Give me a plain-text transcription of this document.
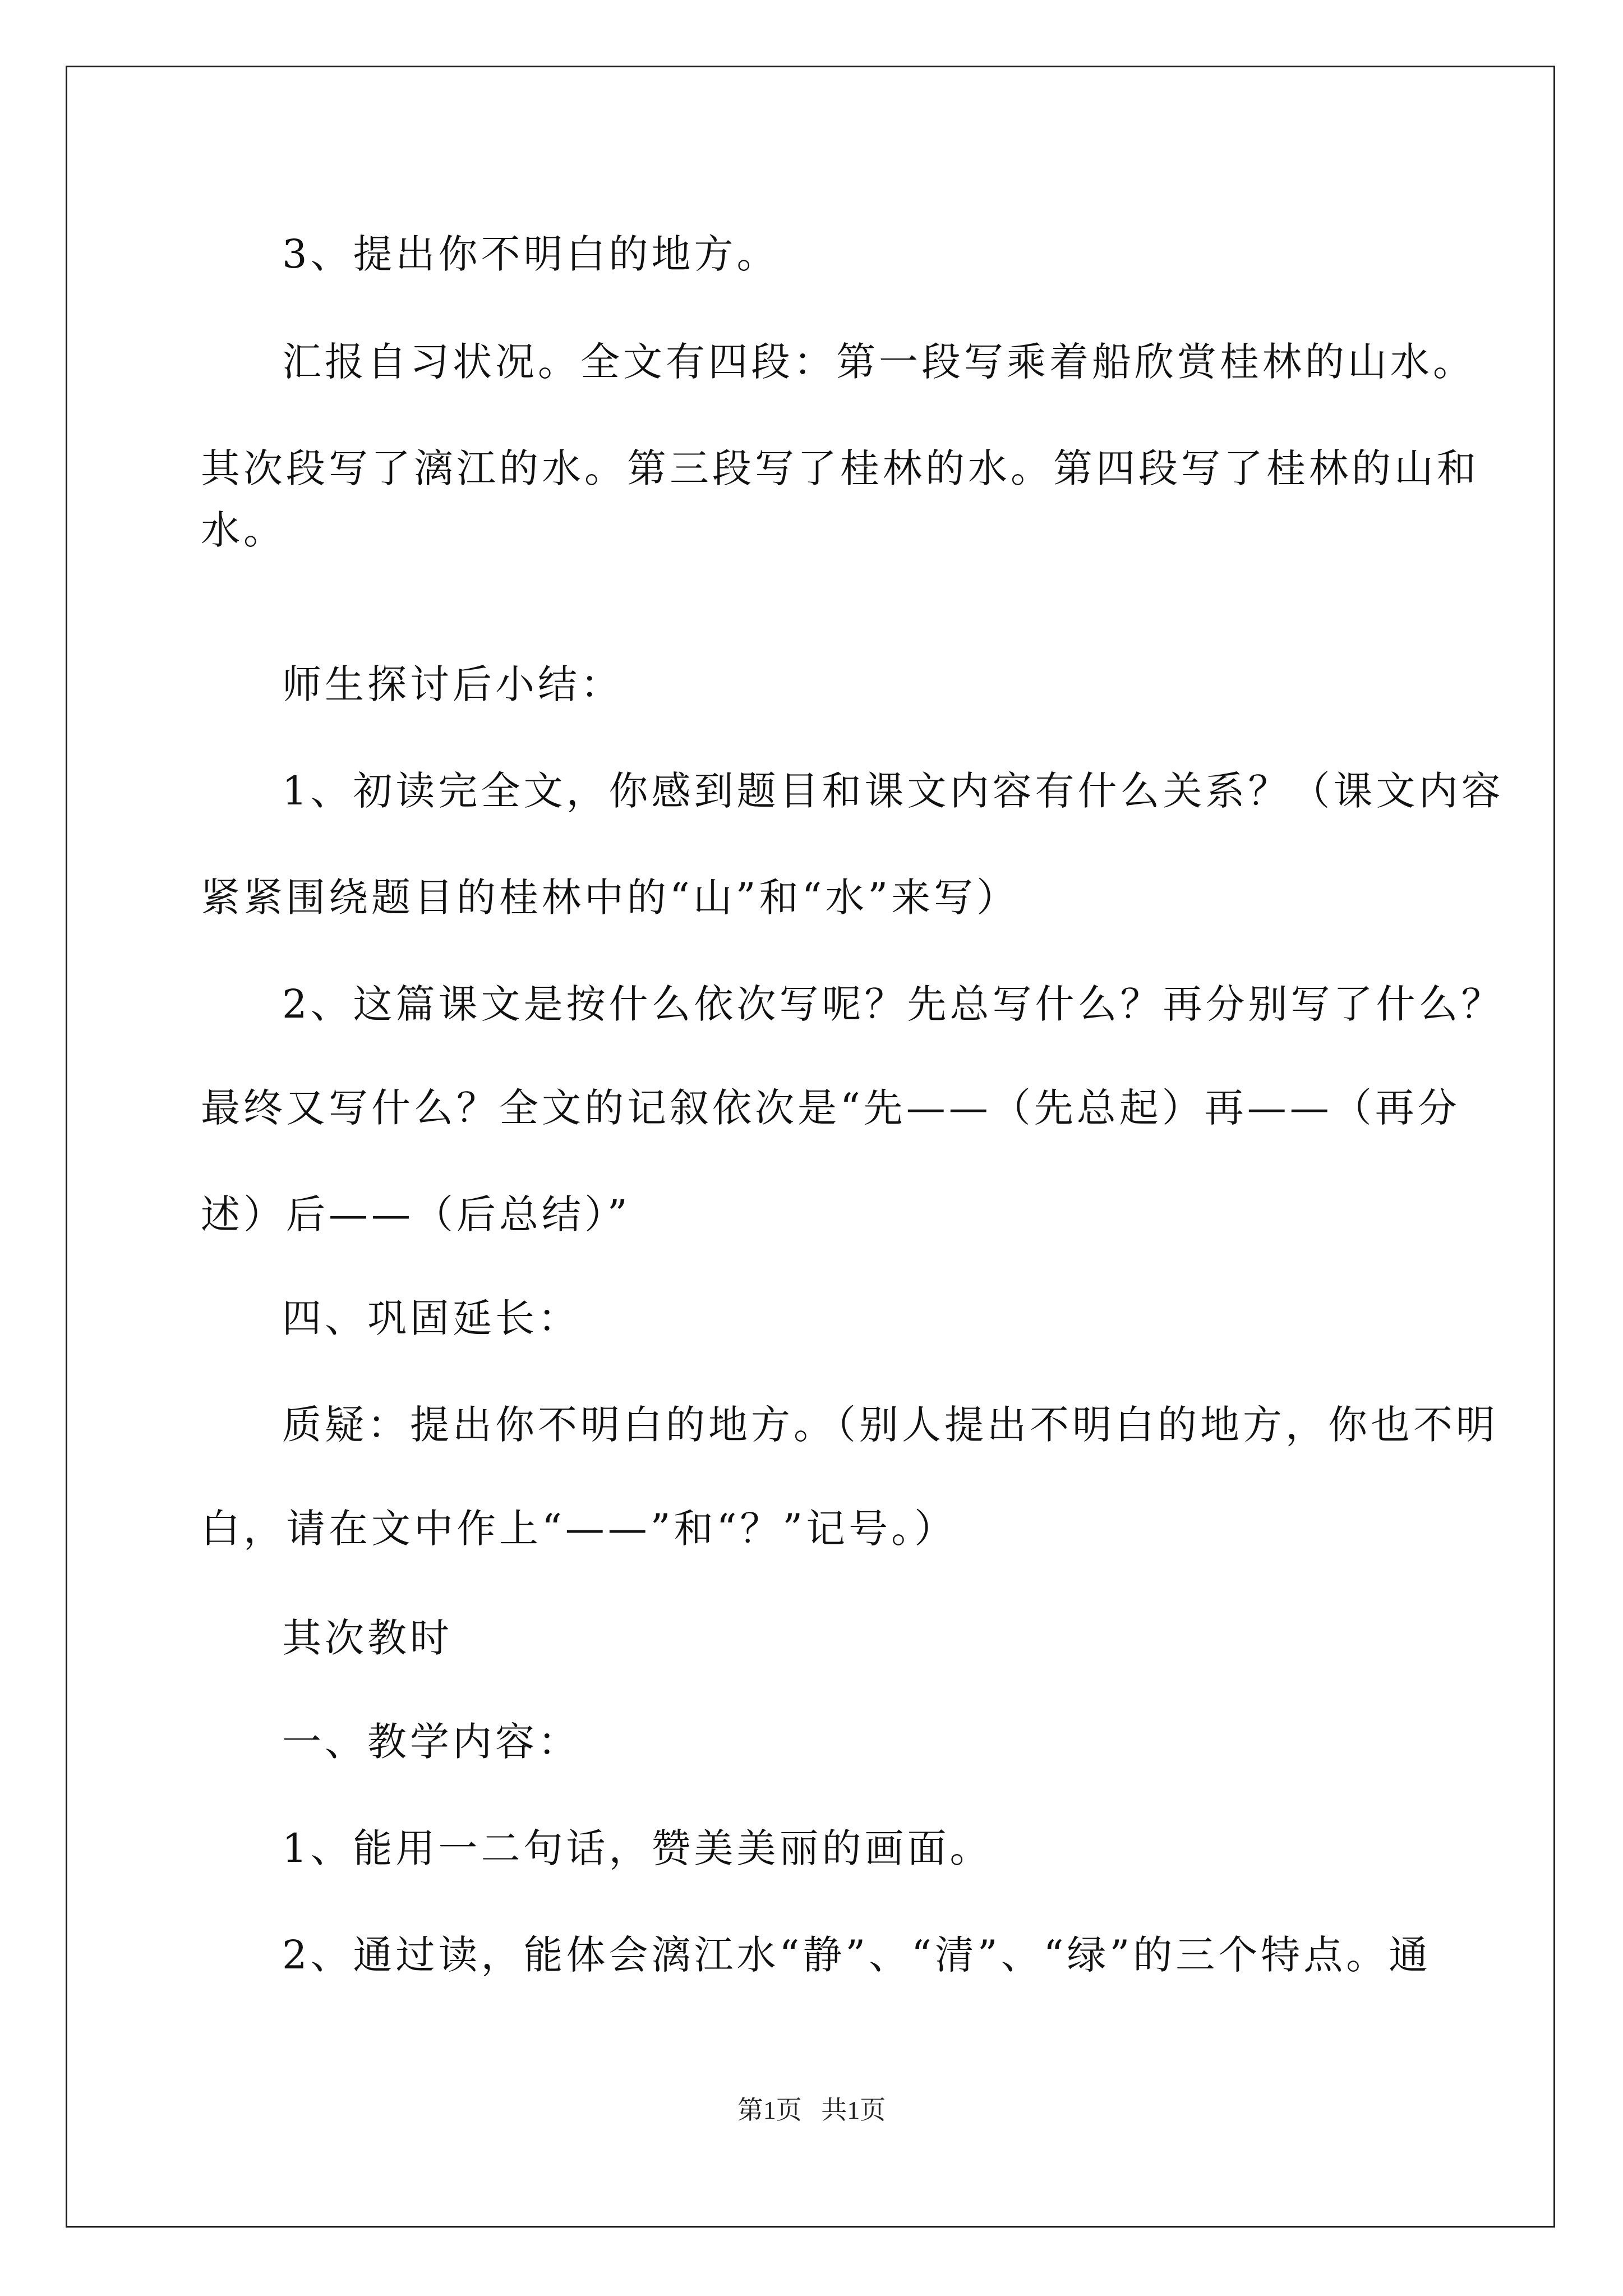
3、提出你不明白的地方。
汇报自习状况。全文有四段：第一段写乘着船欣赏桂林的山水。
其次段写了漓江的水。第三段写了桂林的水。第四段写了桂林的山和
水。
师生探讨后小结：
1、初读完全文，你感到题目和课文内容有什么关系？（课文内容
紧紧围绕题目的桂林中的“山”和“水”来写）
2、这篇课文是按什么依次写呢？先总写什么？再分别写了什么？
最终又写什么？全文的记叙依次是“先——（先总起）再——（再分
述）后——（后总结）”
四、巩固延长：
质疑：提出你不明白的地方。（别人提出不明白的地方，你也不明
白，请在文中作上“——”和“？”记号。）
其次教时
一、教学内容：
1、能用一二句话，赞美美丽的画面。
2、通过读，能体会漓江水“静”、“清”、“绿”的三个特点。通
第1页   共1页
